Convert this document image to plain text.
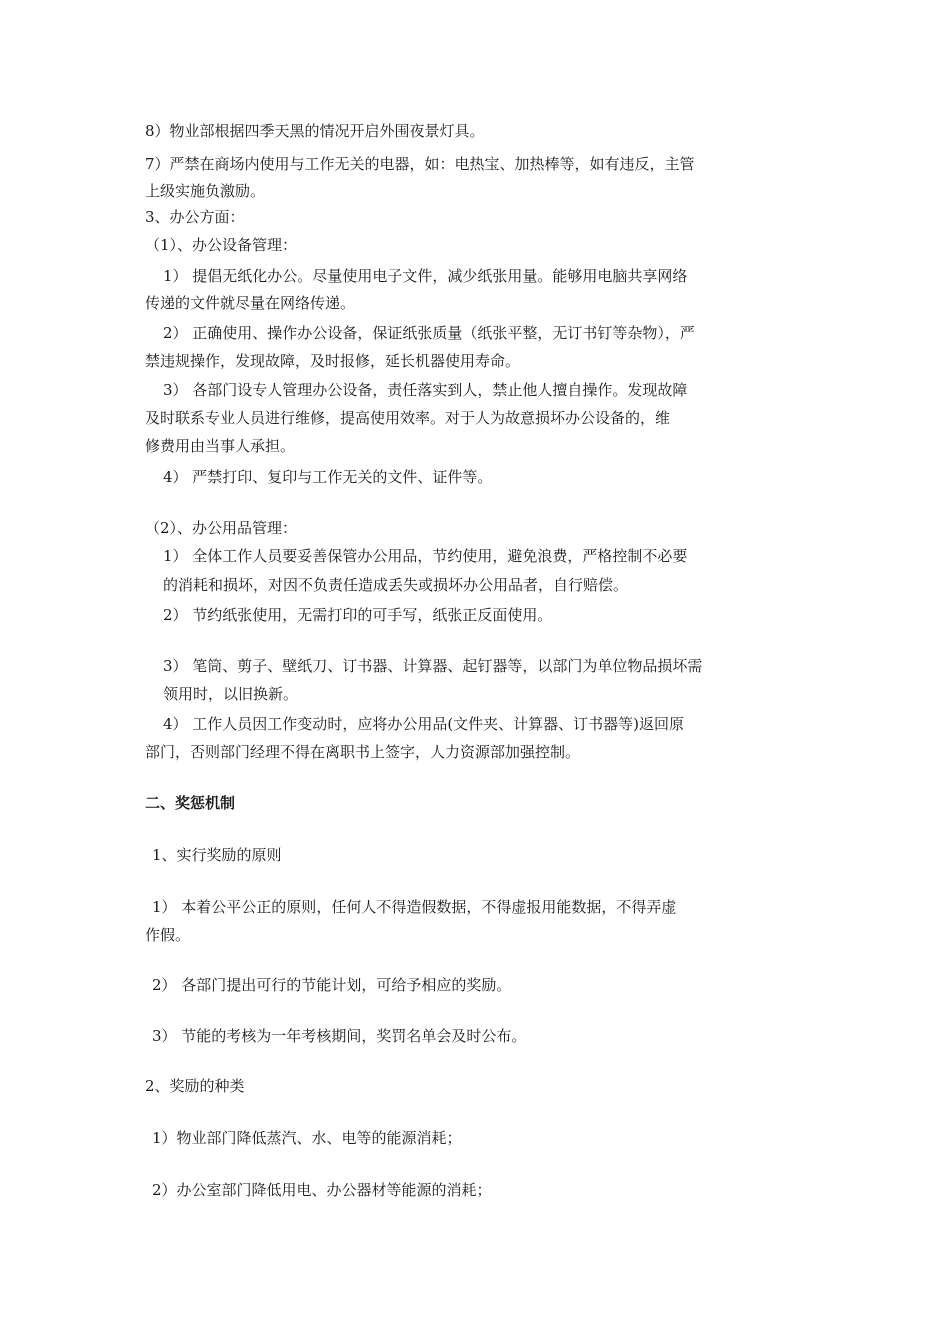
8）物业部根据四季天黑的情况开启外围夜景灯具。
7）严禁在商场内使用与工作无关的电器，如：电热宝、加热棒等，如有违反，主管
上级实施负激励。
3、办公方面：
（1）、办公设备管理：
1） 提倡无纸化办公。尽量使用电子文件，减少纸张用量。能够用电脑共享网络
传递的文件就尽量在网络传递。
2） 正确使用、操作办公设备，保证纸张质量（纸张平整，无订书钉等杂物），严
禁违规操作，发现故障，及时报修，延长机器使用寿命。
3） 各部门设专人管理办公设备，责任落实到人，禁止他人擅自操作。发现故障
及时联系专业人员进行维修，提高使用效率。对于人为故意损坏办公设备的，维
修费用由当事人承担。
4） 严禁打印、复印与工作无关的文件、证件等。
（2）、办公用品管理：
1） 全体工作人员要妥善保管办公用品，节约使用，避免浪费，严格控制不必要
的消耗和损坏，对因不负责任造成丢失或损坏办公用品者，自行赔偿。
2） 节约纸张使用，无需打印的可手写，纸张正反面使用。
3） 笔筒、剪子、壁纸刀、订书器、计算器、起钉器等，以部门为单位物品损坏需
领用时，以旧换新。
4） 工作人员因工作变动时，应将办公用品(文件夹、计算器、订书器等)返回原
部门，否则部门经理不得在离职书上签字，人力资源部加强控制。
二、奖惩机制
1、实行奖励的原则
1） 本着公平公正的原则，任何人不得造假数据，不得虚报用能数据，不得弄虚
作假。
2） 各部门提出可行的节能计划，可给予相应的奖励。
3） 节能的考核为一年考核期间，奖罚名单会及时公布。
2、奖励的种类
1）物业部门降低蒸汽、水、电等的能源消耗；
2）办公室部门降低用电、办公器材等能源的消耗；
